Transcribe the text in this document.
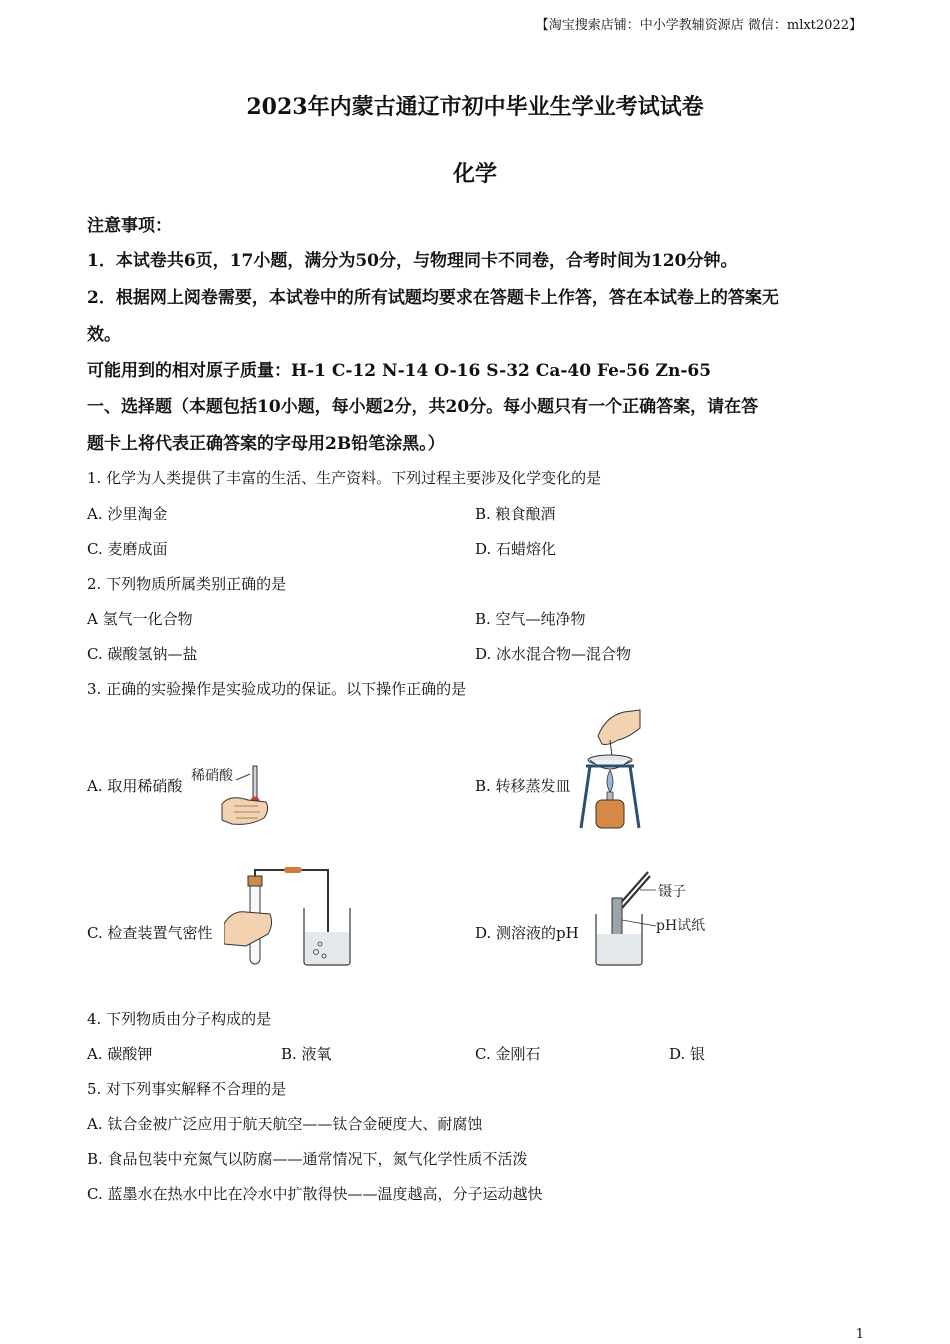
【淘宝搜索店铺：中小学教辅资源店 微信：mlxt2022】
2023年内蒙古通辽市初中毕业生学业考试试卷
化学
注意事项：
1．本试卷共6页，17小题，满分为50分，与物理同卡不同卷，合考时间为120分钟。
2．根据网上阅卷需要，本试卷中的所有试题均要求在答题卡上作答，答在本试卷上的答案无
效。
可能用到的相对原子质量：H-1 C-12 N-14 O-16 S-32 Ca-40 Fe-56 Zn-65
一、选择题（本题包括10小题，每小题2分，共20分。每小题只有一个正确答案，请在答
题卡上将代表正确答案的字母用2B铅笔涂黑。）
1. 化学为人类提供了丰富的生活、生产资料。下列过程主要涉及化学变化的是
A. 沙里淘金	B. 粮食酿酒
C. 麦磨成面	D. 石蜡熔化
2. 下列物质所属类别正确的是
A 氢气一化合物	B. 空气—纯净物
C. 碳酸氢钠—盐	D. 冰水混合物—混合物
3. 正确的实验操作是实验成功的保证。以下操作正确的是
A. 取用稀硝酸	B. 转移蒸发皿
C. 检查装置气密性	D. 测溶液的pH
稀硝酸
镊子
pH试纸
4. 下列物质由分子构成的是
A. 碳酸钾	B. 液氧	C. 金刚石	D. 银
5. 对下列事实解释不合理的是
A. 钛合金被广泛应用于航天航空——钛合金硬度大、耐腐蚀
B. 食品包装中充氮气以防腐——通常情况下，氮气化学性质不活泼
C. 蓝墨水在热水中比在冷水中扩散得快——温度越高，分子运动越快
1
